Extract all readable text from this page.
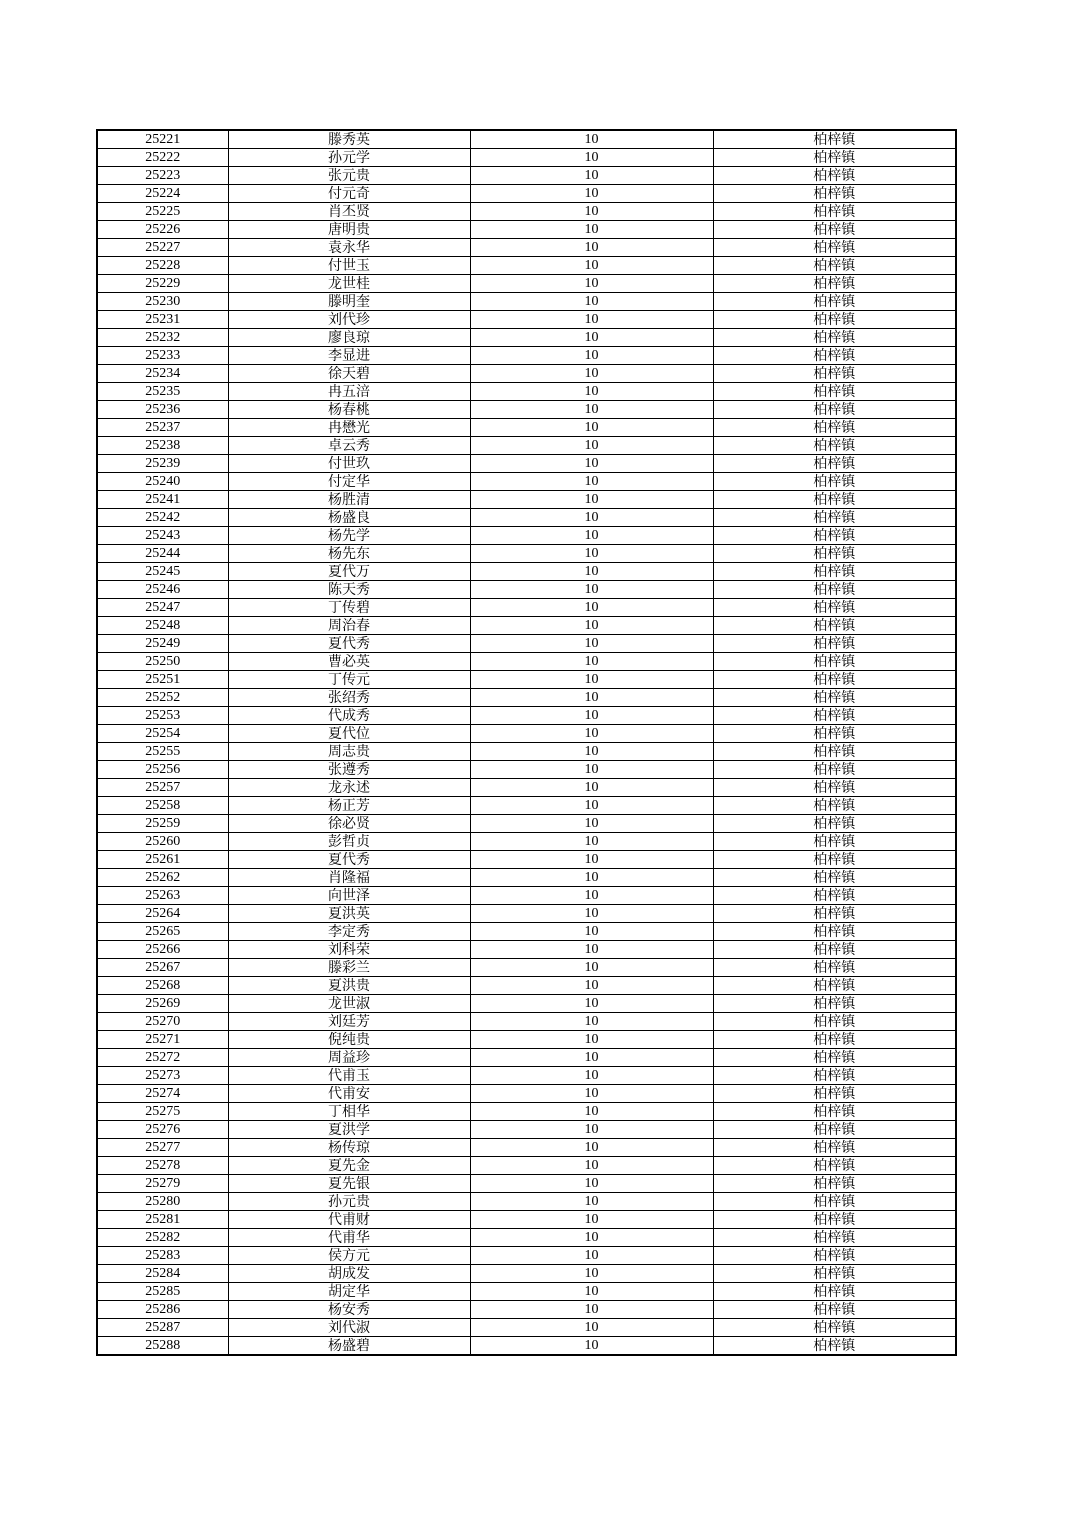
25221	滕秀英	10	柏梓镇
25222	孙元学	10	柏梓镇
25223	张元贵	10	柏梓镇
25224	付元奇	10	柏梓镇
25225	肖丕贤	10	柏梓镇
25226	唐明贵	10	柏梓镇
25227	袁永华	10	柏梓镇
25228	付世玉	10	柏梓镇
25229	龙世桂	10	柏梓镇
25230	滕明奎	10	柏梓镇
25231	刘代珍	10	柏梓镇
25232	廖良琼	10	柏梓镇
25233	李显进	10	柏梓镇
25234	徐天碧	10	柏梓镇
25235	冉五涪	10	柏梓镇
25236	杨春桃	10	柏梓镇
25237	冉懋光	10	柏梓镇
25238	卓云秀	10	柏梓镇
25239	付世玖	10	柏梓镇
25240	付定华	10	柏梓镇
25241	杨胜清	10	柏梓镇
25242	杨盛良	10	柏梓镇
25243	杨先学	10	柏梓镇
25244	杨先东	10	柏梓镇
25245	夏代万	10	柏梓镇
25246	陈天秀	10	柏梓镇
25247	丁传碧	10	柏梓镇
25248	周治春	10	柏梓镇
25249	夏代秀	10	柏梓镇
25250	曹必英	10	柏梓镇
25251	丁传元	10	柏梓镇
25252	张绍秀	10	柏梓镇
25253	代成秀	10	柏梓镇
25254	夏代位	10	柏梓镇
25255	周志贵	10	柏梓镇
25256	张遵秀	10	柏梓镇
25257	龙永述	10	柏梓镇
25258	杨正芳	10	柏梓镇
25259	徐必贤	10	柏梓镇
25260	彭哲贞	10	柏梓镇
25261	夏代秀	10	柏梓镇
25262	肖隆福	10	柏梓镇
25263	向世泽	10	柏梓镇
25264	夏洪英	10	柏梓镇
25265	李定秀	10	柏梓镇
25266	刘科荣	10	柏梓镇
25267	滕彩兰	10	柏梓镇
25268	夏洪贵	10	柏梓镇
25269	龙世淑	10	柏梓镇
25270	刘廷芳	10	柏梓镇
25271	倪纯贵	10	柏梓镇
25272	周益珍	10	柏梓镇
25273	代甫玉	10	柏梓镇
25274	代甫安	10	柏梓镇
25275	丁相华	10	柏梓镇
25276	夏洪学	10	柏梓镇
25277	杨传琼	10	柏梓镇
25278	夏先金	10	柏梓镇
25279	夏先银	10	柏梓镇
25280	孙元贵	10	柏梓镇
25281	代甫财	10	柏梓镇
25282	代甫华	10	柏梓镇
25283	侯方元	10	柏梓镇
25284	胡成发	10	柏梓镇
25285	胡定华	10	柏梓镇
25286	杨安秀	10	柏梓镇
25287	刘代淑	10	柏梓镇
25288	杨盛碧	10	柏梓镇
